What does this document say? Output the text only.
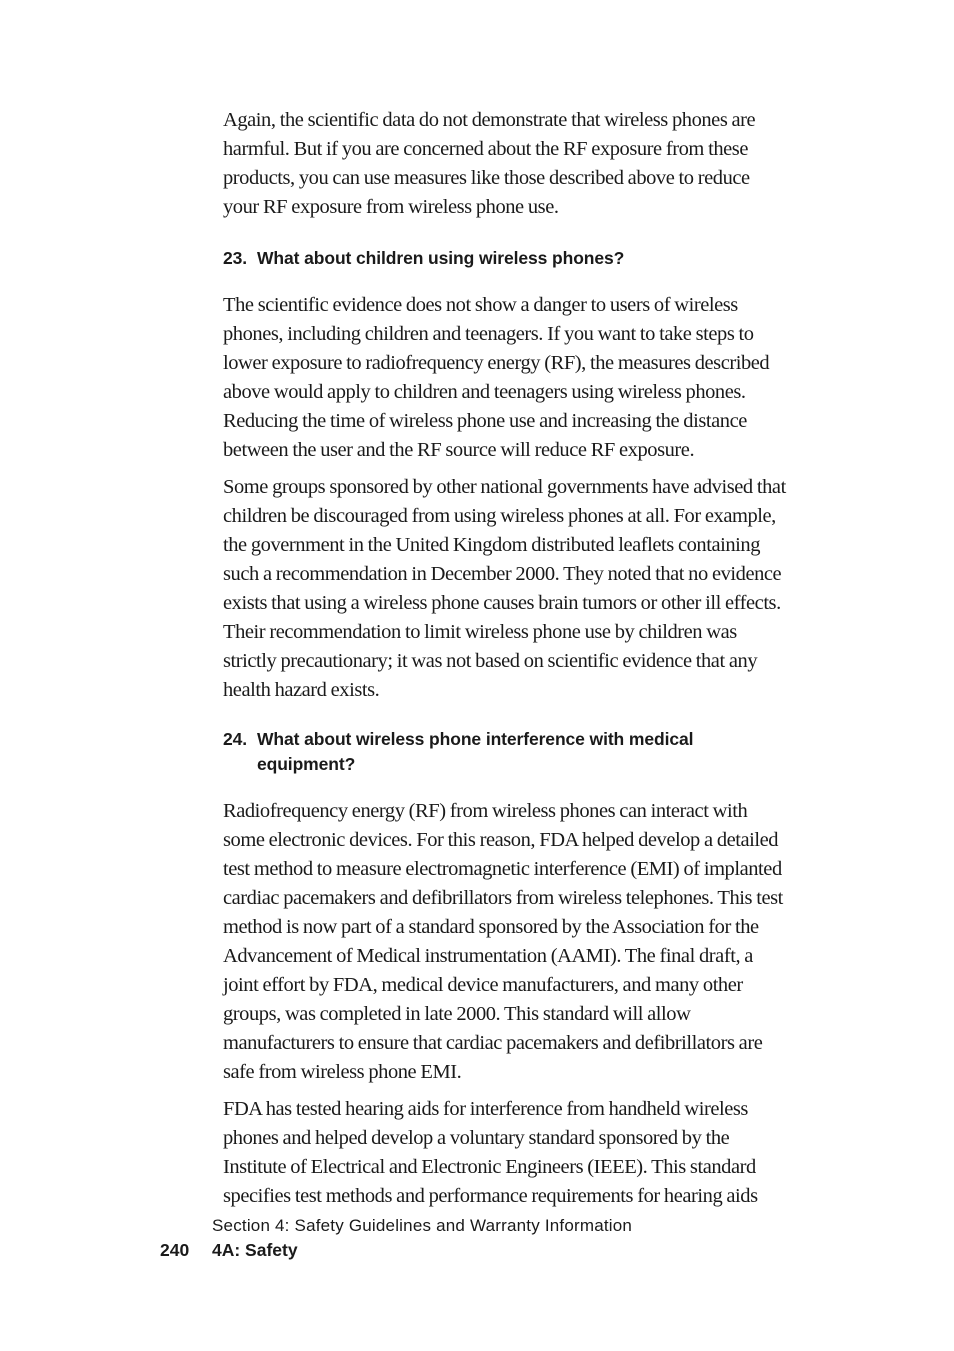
Again, the scientific data do not demonstrate that wireless phones are harmful. But if you are concerned about the RF exposure from these products, you can use measures like those described above to reduce your RF exposure from wireless phone use.

23. What about children using wireless phones?

The scientific evidence does not show a danger to users of wireless phones, including children and teenagers. If you want to take steps to lower exposure to radiofrequency energy (RF), the measures described above would apply to children and teenagers using wireless phones. Reducing the time of wireless phone use and increasing the distance between the user and the RF source will reduce RF exposure.

Some groups sponsored by other national governments have advised that children be discouraged from using wireless phones at all. For example, the government in the United Kingdom distributed leaflets containing such a recommendation in December 2000. They noted that no evidence exists that using a wireless phone causes brain tumors or other ill effects. Their recommendation to limit wireless phone use by children was strictly precautionary; it was not based on scientific evidence that any health hazard exists.

24. What about wireless phone interference with medical equipment?

Radiofrequency energy (RF) from wireless phones can interact with some electronic devices. For this reason, FDA helped develop a detailed test method to measure electromagnetic interference (EMI) of implanted cardiac pacemakers and defibrillators from wireless telephones. This test method is now part of a standard sponsored by the Association for the Advancement of Medical instrumentation (AAMI). The final draft, a joint effort by FDA, medical device manufacturers, and many other groups, was completed in late 2000. This standard will allow manufacturers to ensure that cardiac pacemakers and defibrillators are safe from wireless phone EMI.

FDA has tested hearing aids for interference from handheld wireless phones and helped develop a voluntary standard sponsored by the Institute of Electrical and Electronic Engineers (IEEE). This standard specifies test methods and performance requirements for hearing aids

Section 4: Safety Guidelines and Warranty Information
240	4A: Safety
